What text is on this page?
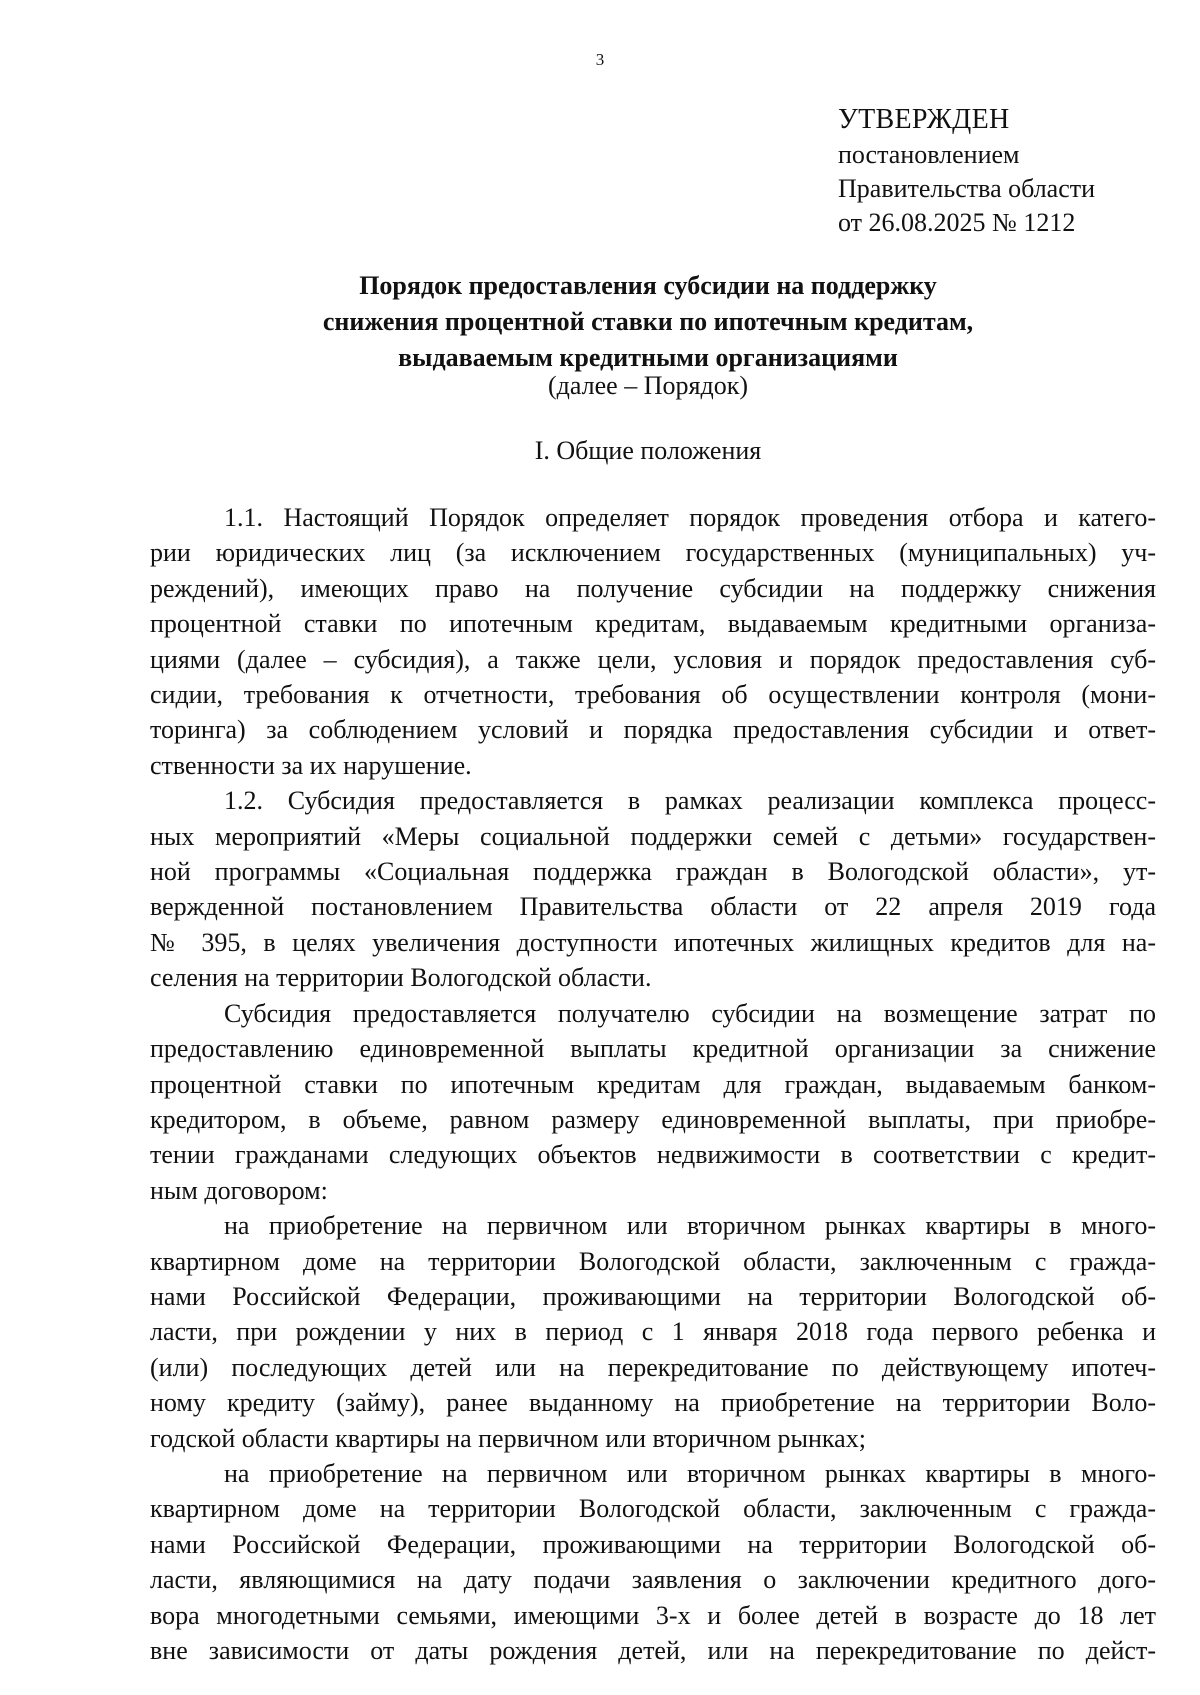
3
УТВЕРЖДЕН
постановлением
Правительства области
от 26.08.2025 № 1212
Порядок предоставления субсидии на поддержку
снижения процентной ставки по ипотечным кредитам,
выдаваемым кредитными организациями
(далее – Порядок)
I. Общие положения

1.1. Настоящий Порядок определяет порядок проведения отбора и катего-
рии юридических лиц (за исключением государственных (муниципальных) уч-
реждений), имеющих право на получение субсидии на поддержку снижения
процентной ставки по ипотечным кредитам, выдаваемым кредитными организа-
циями (далее – субсидия), а также цели, условия и порядок предоставления суб-
сидии, требования к отчетности, требования об осуществлении контроля (мони-
торинга) за соблюдением условий и порядка предоставления субсидии и ответ-
ственности за их нарушение.

1.2. Субсидия предоставляется в рамках реализации комплекса процесс-
ных мероприятий «Меры социальной поддержки семей с детьми» государствен-
ной программы «Социальная поддержка граждан в Вологодской области», ут-
вержденной постановлением Правительства области от 22 апреля 2019 года
№ 395, в целях увеличения доступности ипотечных жилищных кредитов для на-
селения на территории Вологодской области.

Субсидия предоставляется получателю субсидии на возмещение затрат по
предоставлению единовременной выплаты кредитной организации за снижение
процентной ставки по ипотечным кредитам для граждан, выдаваемым банком-
кредитором, в объеме, равном размеру единовременной выплаты, при приобре-
тении гражданами следующих объектов недвижимости в соответствии с кредит-
ным договором:

на приобретение на первичном или вторичном рынках квартиры в много-
квартирном доме на территории Вологодской области, заключенным с гражда-
нами Российской Федерации, проживающими на территории Вологодской об-
ласти, при рождении у них в период с 1 января 2018 года первого ребенка и
(или) последующих детей или на перекредитование по действующему ипотеч-
ному кредиту (займу), ранее выданному на приобретение на территории Воло-
годской области квартиры на первичном или вторичном рынках;

на приобретение на первичном или вторичном рынках квартиры в много-
квартирном доме на территории Вологодской области, заключенным с гражда-
нами Российской Федерации, проживающими на территории Вологодской об-
ласти, являющимися на дату подачи заявления о заключении кредитного дого-
вора многодетными семьями, имеющими 3-х и более детей в возрасте до 18 лет
вне зависимости от даты рождения детей, или на перекредитование по дейст-
